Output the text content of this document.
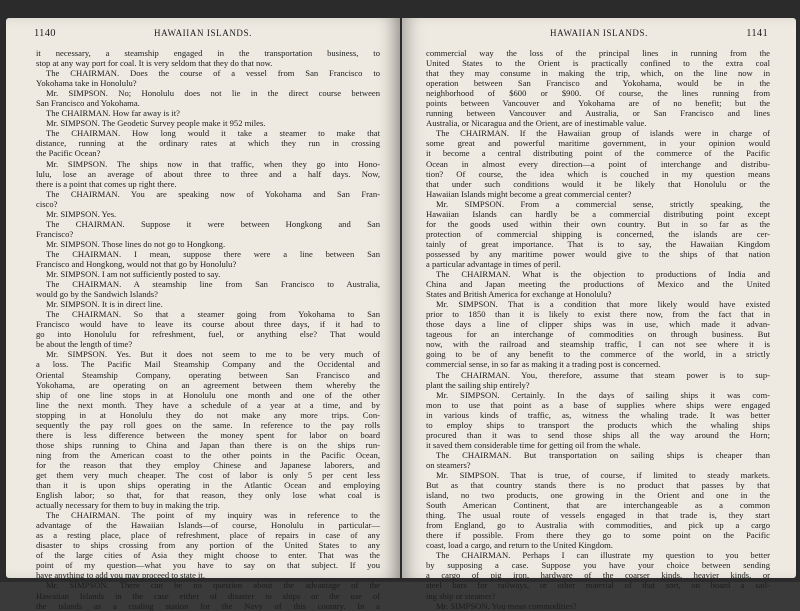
1140	HAWAIIAN ISLANDS.
it necessary, a steamship engaged in the transportation business, to
stop at any way port for coal. It is very seldom that they do that now.
The CHAIRMAN. Does the course of a vessel from San Francisco to
Yokohama take in Honolulu?
Mr. SIMPSON. No; Honolulu does not lie in the direct course between
San Francisco and Yokohama.
The CHAIRMAN. How far away is it?
Mr. SIMPSON. The Geodetic Survey people make it 952 miles.
The CHAIRMAN. How long would it take a steamer to make that
distance, running at the ordinary rates at which they run in crossing
the Pacific Ocean?
Mr. SIMPSON. The ships now in that traffic, when they go into Hono-
lulu, lose an average of about three to three and a half days. Now,
there is a point that comes up right there.
The CHAIRMAN. You are speaking now of Yokohama and San Fran-
cisco?
Mr. SIMPSON. Yes.
The CHAIRMAN. Suppose it were between Hongkong and San
Francisco?
Mr. SIMPSON. Those lines do not go to Hongkong.
The CHAIRMAN. I mean, suppose there were a line between San
Francisco and Hongkong, would not that go by Honolulu?
Mr. SIMPSON. I am not sufficiently posted to say.
The CHAIRMAN. A steamship line from San Francisco to Australia,
would go by the Sandwich Islands?
Mr. SIMPSON. It is in direct line.
The CHAIRMAN. So that a steamer going from Yokohama to San
Francisco would have to leave its course about three days, if it had to
go into Honolulu for refreshment, fuel, or anything else? That would
be about the length of time?
Mr. SIMPSON. Yes. But it does not seem to me to be very much of
a loss. The Pacific Mail Steamship Company and the Occidental and
Oriental Steamship Company, operating between San Francisco and
Yokohama, are operating on an agreement between them whereby the
ship of one line stops in at Honolulu one month and one of the other
line the next month. They have a schedule of a year at a time, and by
stopping in at Honolulu they do not make any more trips. Con-
sequently the pay roll goes on the same. In reference to the pay rolls
there is less difference between the money spent for labor on board
those ships running to China and Japan than there is on the ships run-
ning from the American coast to the other points in the Pacific Ocean,
for the reason that they employ Chinese and Japanese laborers, and
get them very much cheaper. The cost of labor is only 5 per cent less
than it is upon ships operating in the Atlantic Ocean and employing
English labor; so that, for that reason, they only lose what coal is
actually necessary for them to buy in making the trip.
The CHAIRMAN. The point of my inquiry was in reference to the
advantage of the Hawaiian Islands—of course, Honolulu in particular—
as a resting place, place of refreshment, place of repairs in case of any
disaster to ships crossing from any portion of the United States to any
of the large cities of Asia they might choose to enter. That was the
point of my question—what you have to say on that subject. If you
have anything to add you may proceed to state it.
Mr. SIMPSON. There can be no question about the advantage of the
Hawaiian Islands in the case either of disaster to ships or the use of
the islands as a coaling station for the Navy of this country. In a
HAWAIIAN ISLANDS.	1141
commercial way the loss of the principal lines in running from the
United States to the Orient is practically confined to the extra coal
that they may consume in making the trip, which, on the line now in
operation between San Francisco and Yokohama, would be in the
neighborhood of $600 or $900. Of course, the lines running from
points between Vancouver and Yokohama are of no benefit; but the
running between Vancouver and Australia, or San Francisco and lines
Australia, or Nicaragua and the Orient, are of inestimable value.
The CHAIRMAN. If the Hawaiian group of islands were in charge of
some great and powerful maritime government, in your opinion would
it become a central distributing point of the commerce of the Pacific
Ocean in almost every direction—a point of interchange and distribu-
tion? Of course, the idea which is couched in my question means
that under such conditions would it be likely that Honolulu or the
Hawaiian Islands might become a great commercial center?
Mr. SIMPSON. From a commercial sense, strictly speaking, the
Hawaiian Islands can hardly be a commercial distributing point except
for the goods used within their own country. But in so far as the
protection of commercial shipping is concerned, the islands are cer-
tainly of great importance. That is to say, the Hawaiian Kingdom
possessed by any maritime power would give to the ships of that nation
a particular advantage in times of peril.
The CHAIRMAN. What is the objection to productions of India and
China and Japan meeting the productions of Mexico and the United
States and British America for exchange at Honolulu?
Mr. SIMPSON. That is a condition that more likely would have existed
prior to 1850 than it is likely to exist there now, from the fact that in
those days a line of clipper ships was in use, which made it advan-
tageous for an interchange of commodities on through business. But
now, with the railroad and steamship traffic, I can not see where it is
going to be of any benefit to the commerce of the world, in a strictly
commercial sense, in so far as making it a trading post is concerned.
The CHAIRMAN. You, therefore, assume that steam power is to sup-
plant the sailing ship entirely?
Mr. SIMPSON. Certainly. In the days of sailing ships it was com-
mon to use that point as a base of supplies where ships were engaged
in various kinds of traffic, as, witness the whaling trade. It was better
to employ ships to transport the products which the whaling ships
procured than it was to send those ships all the way around the Horn;
it saved them considerable time for getting oil from the whale.
The CHAIRMAN. But transportation on sailing ships is cheaper than
on steamers?
Mr. SIMPSON. That is true, of course, if limited to steady markets.
But as that country stands there is no product that passes by that
island, no two products, one growing in the Orient and one in the
South American Continent, that are interchangeable as a common
thing. The usual route of vessels engaged in that trade is, they start
from England, go to Australia with commodities, and pick up a cargo
there if possible. From there they go to some point on the Pacific
coast, load a cargo, and return to the United Kingdom.
The CHAIRMAN. Perhaps I can illustrate my question to you better
by supposing a case. Suppose you have your choice between sending
a cargo of pig iron, hardware of the coarser kinds, heavier kinds, or
steel bars for railways, or other material of that sort, on board a sail-
ing ship or steamer?
Mr. SIMPSON. You mean commodities?
